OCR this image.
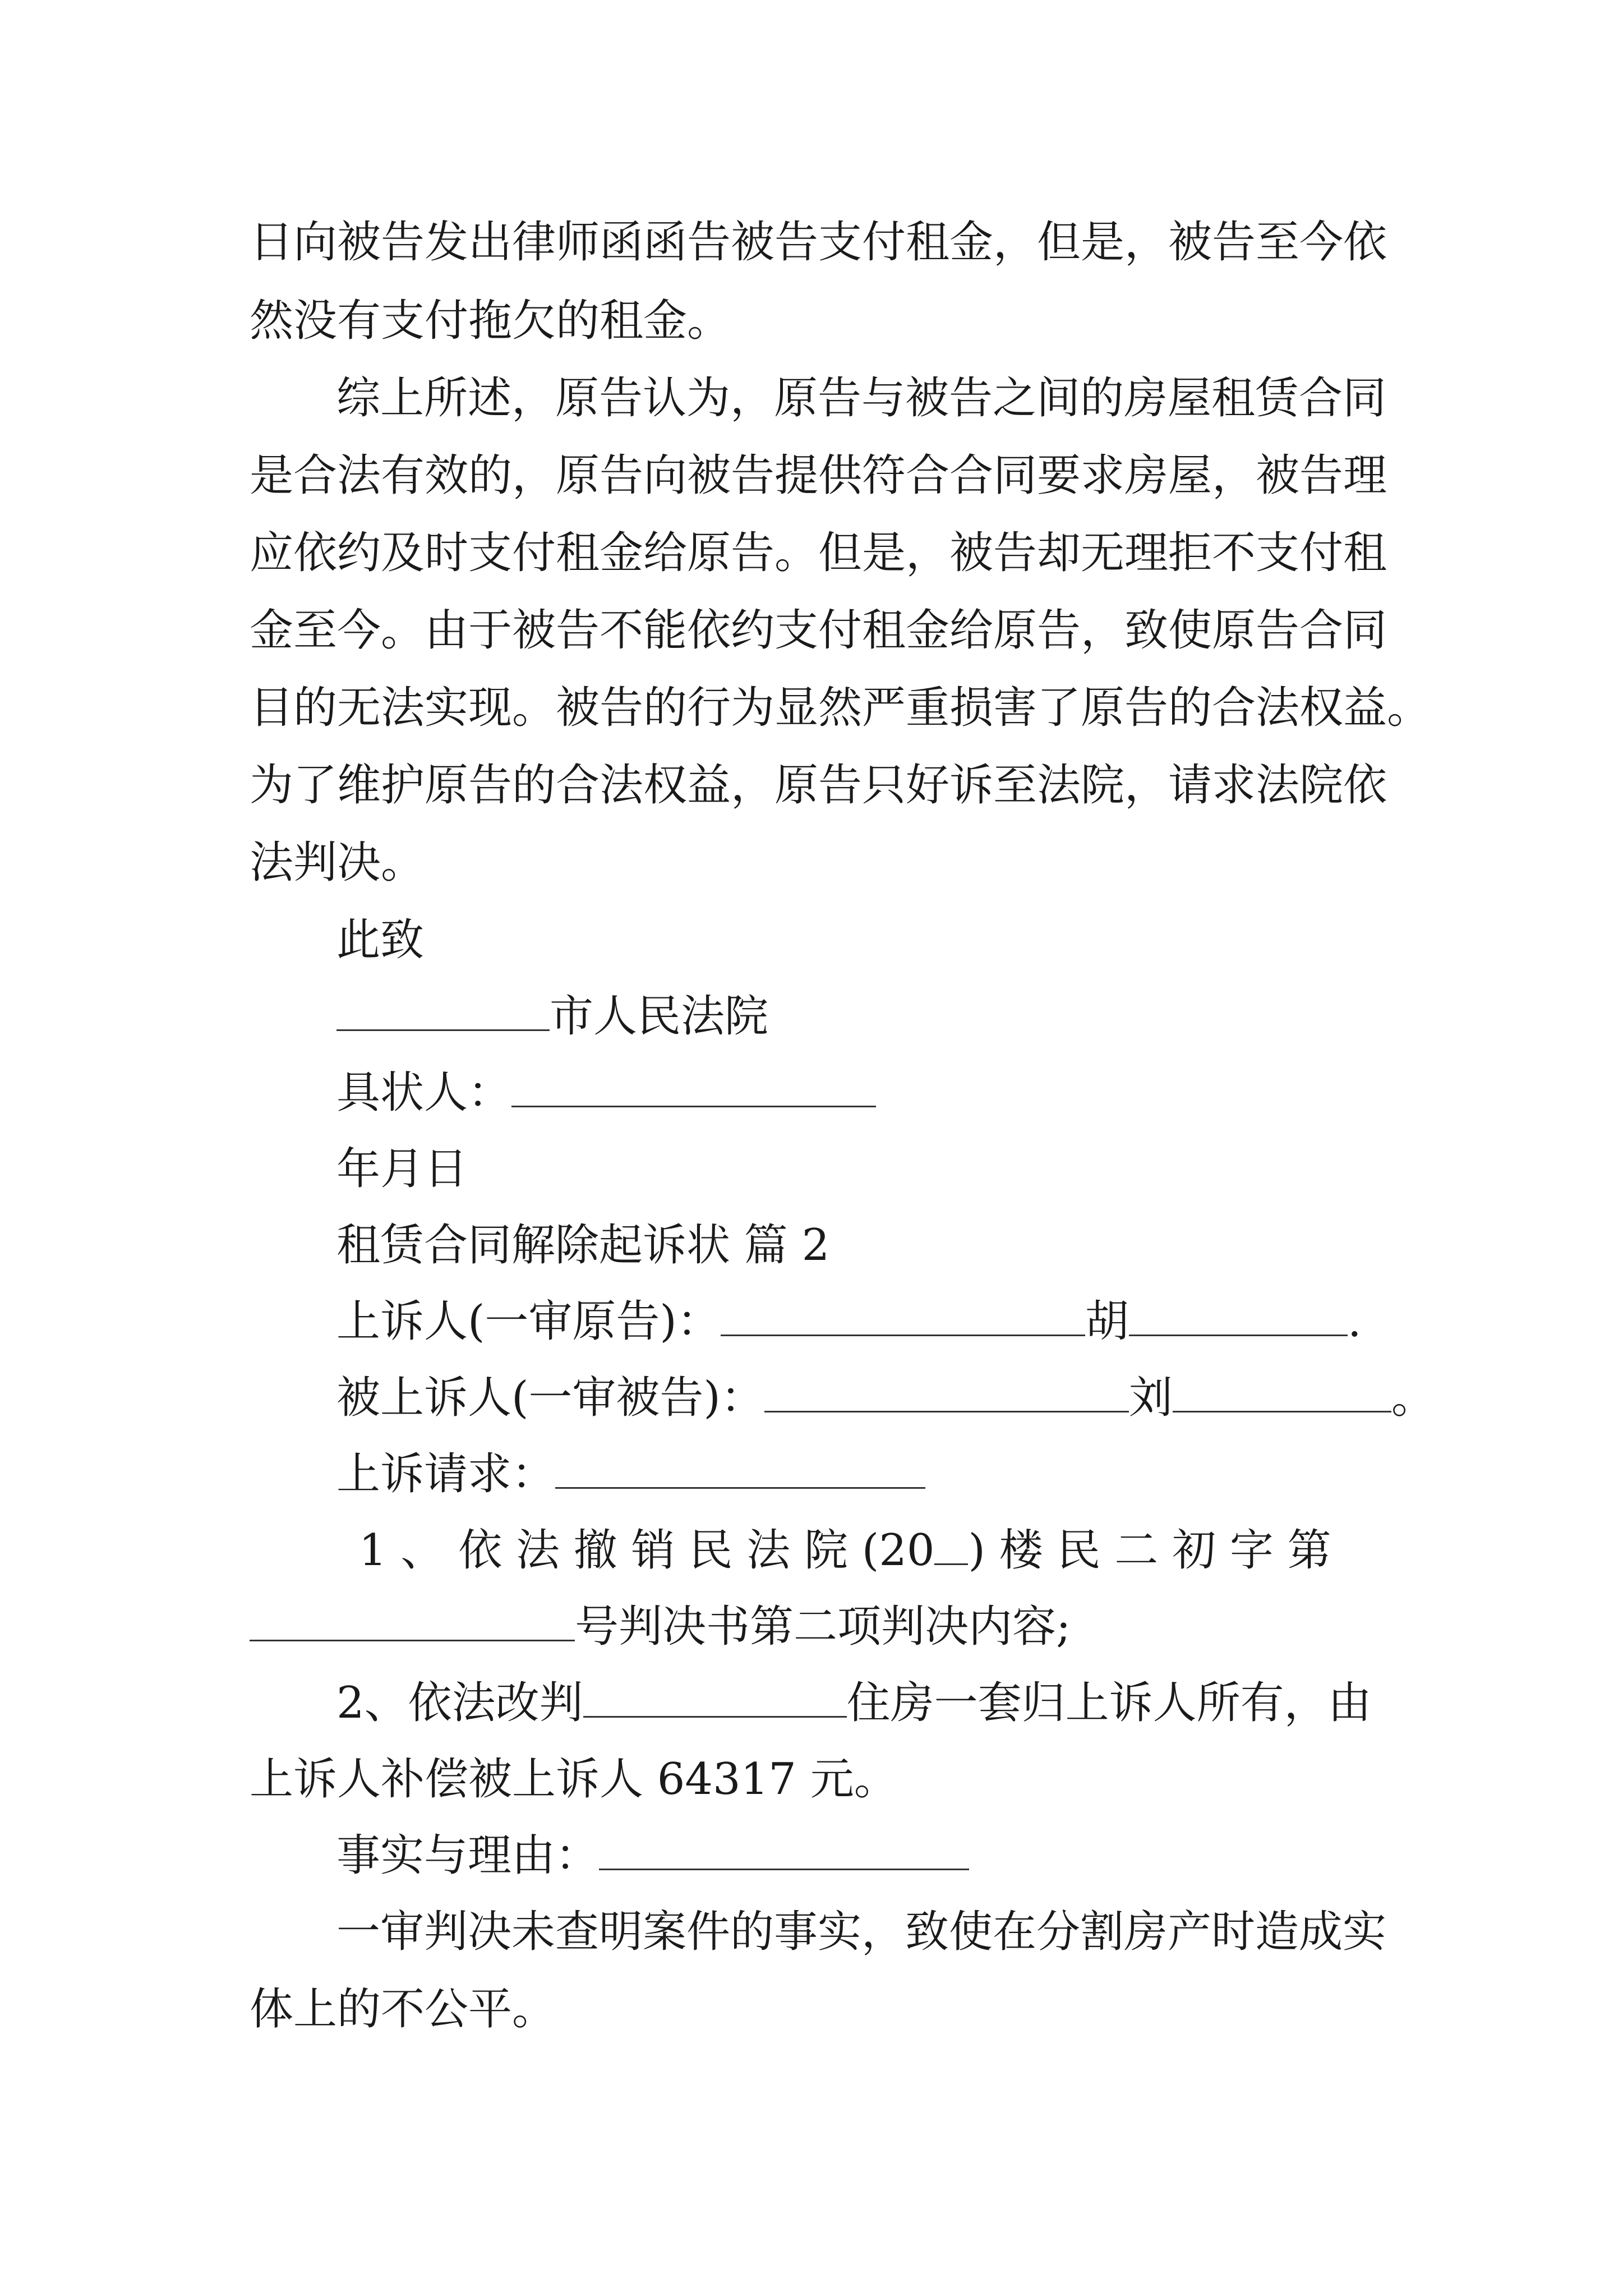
日向被告发出律师函函告被告支付租金，但是，被告至今依
然没有支付拖欠的租金。
综上所述，原告认为，原告与被告之间的房屋租赁合同
是合法有效的，原告向被告提供符合合同要求房屋，被告理
应依约及时支付租金给原告。但是，被告却无理拒不支付租
金至今。由于被告不能依约支付租金给原告，致使原告合同
目的无法实现。被告的行为显然严重损害了原告的合法权益。
为了维护原告的合法权益，原告只好诉至法院，请求法院依
法判决。
此致
市人民法院
具状人：
年月日
租赁合同解除起诉状 篇 2
上诉人(一审原告)：	胡	.
被上诉人(一审被告)：	刘	。
上诉请求：
1 、 依 法 撤 销 民 法 院 (20 ) 楼 民 二 初 字 第
号判决书第二项判决内容;
2、依法改判	住房一套归上诉人所有，由
上诉人补偿被上诉人 64317 元。
事实与理由：
一审判决未查明案件的事实，致使在分割房产时造成实
体上的不公平。
